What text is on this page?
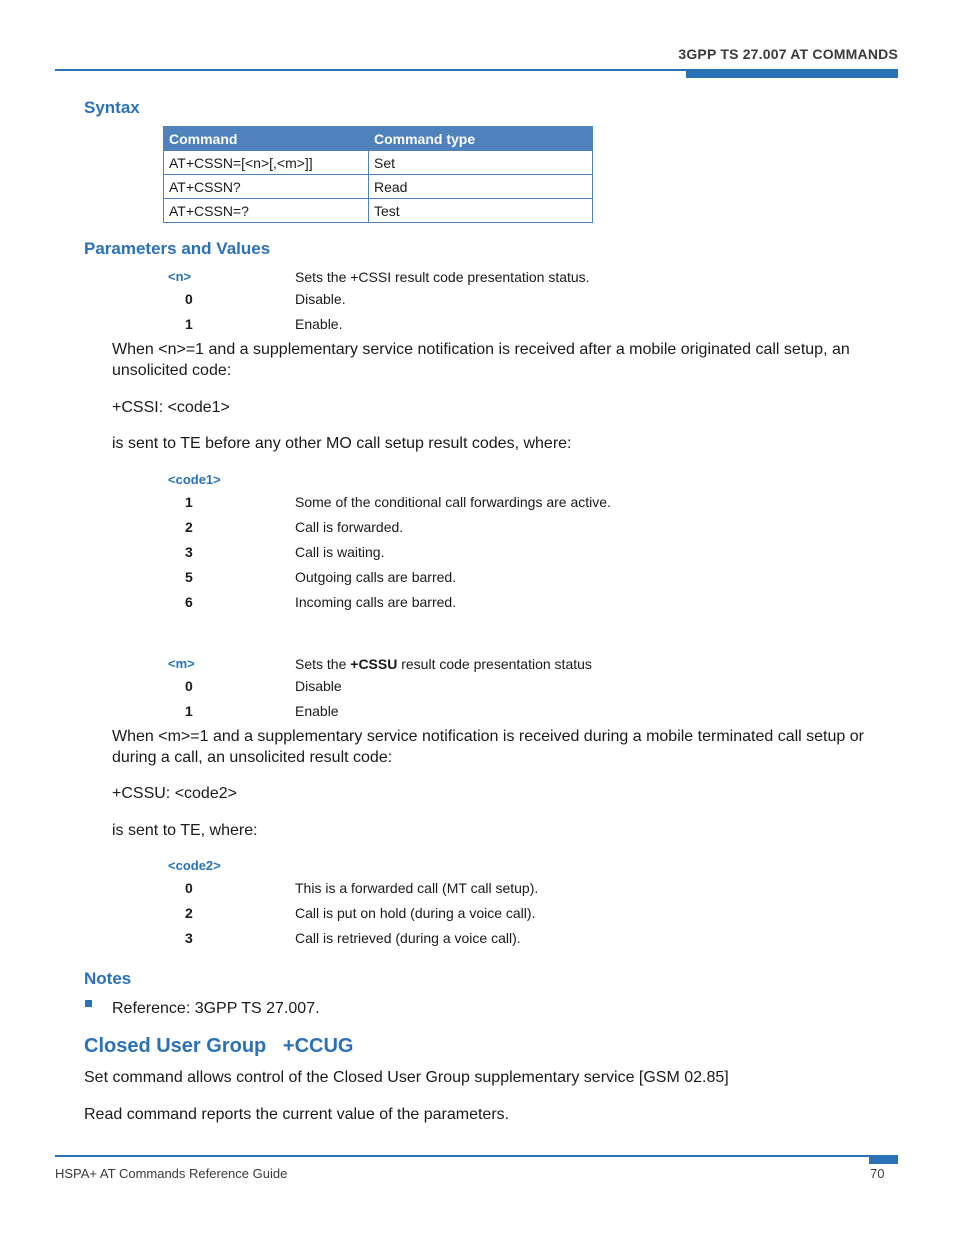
3GPP TS 27.007 AT COMMANDS
Syntax
Command	Command type
AT+CSSN=[<n>[,<m>]]	Set
AT+CSSN?	Read
AT+CSSN=?	Test
Parameters and Values
<n>	Sets the +CSSI result code presentation status.
0	Disable.
1	Enable.
When <n>=1 and a supplementary service notification is received after a mobile originated call setup, an unsolicited code:
+CSSI: <code1>
is sent to TE before any other MO call setup result codes, where:
<code1>
1	Some of the conditional call forwardings are active.
2	Call is forwarded.
3	Call is waiting.
5	Outgoing calls are barred.
6	Incoming calls are barred.
<m>	Sets the +CSSU result code presentation status
0	Disable
1	Enable
When <m>=1 and a supplementary service notification is received during a mobile terminated call setup or during a call, an unsolicited result code:
+CSSU: <code2>
is sent to TE, where:
<code2>
0	This is a forwarded call (MT call setup).
2	Call is put on hold (during a voice call).
3	Call is retrieved (during a voice call).
Notes
Reference: 3GPP TS 27.007.
Closed User Group   +CCUG
Set command allows control of the Closed User Group supplementary service [GSM 02.85]
Read command reports the current value of the parameters.
HSPA+ AT Commands Reference Guide	70
